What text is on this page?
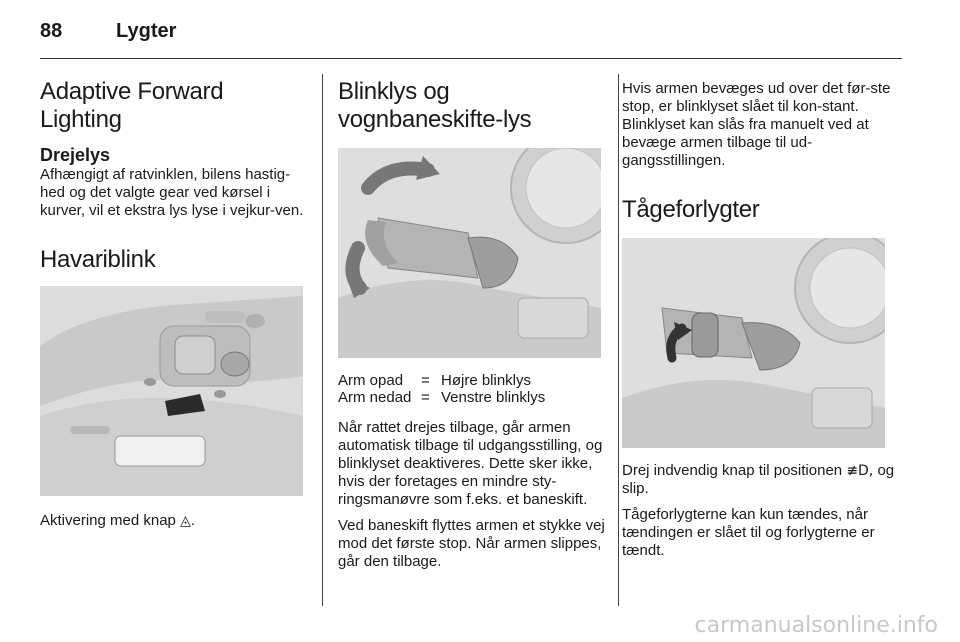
88	Lygter
Adaptive Forward Lighting
Drejelys

Afhængigt af ratvinklen, bilens hastig-hed og det valgte gear ved kørsel i kurver, vil et ekstra lys lyse i vejkur-ven.

Havariblink

Aktivering med knap ◬.

Blinklys og
vognbaneskifte-lys
Arm opad	= Højre blinklys
Arm nedad = Venstre blinklys

Når rattet drejes tilbage, går armen automatisk tilbage til udgangsstilling, og blinklyset deaktiveres. Dette sker ikke, hvis der foretages en mindre sty-ringsmanøvre som f.eks. et baneskift.

Ved baneskift flyttes armen et stykke vej mod det første stop. Når armen slippes, går den tilbage.

Hvis armen bevæges ud over det før-ste stop, er blinklyset slået til kon-stant. Blinklyset kan slås fra manuelt ved at bevæge armen tilbage til ud-gangsstillingen.

Tågeforlygter

Drej indvendig knap til positionen ≢D, og slip.

Tågeforlygterne kan kun tændes, når tændingen er slået til og forlygterne er tændt.

carmanualsonline.info
